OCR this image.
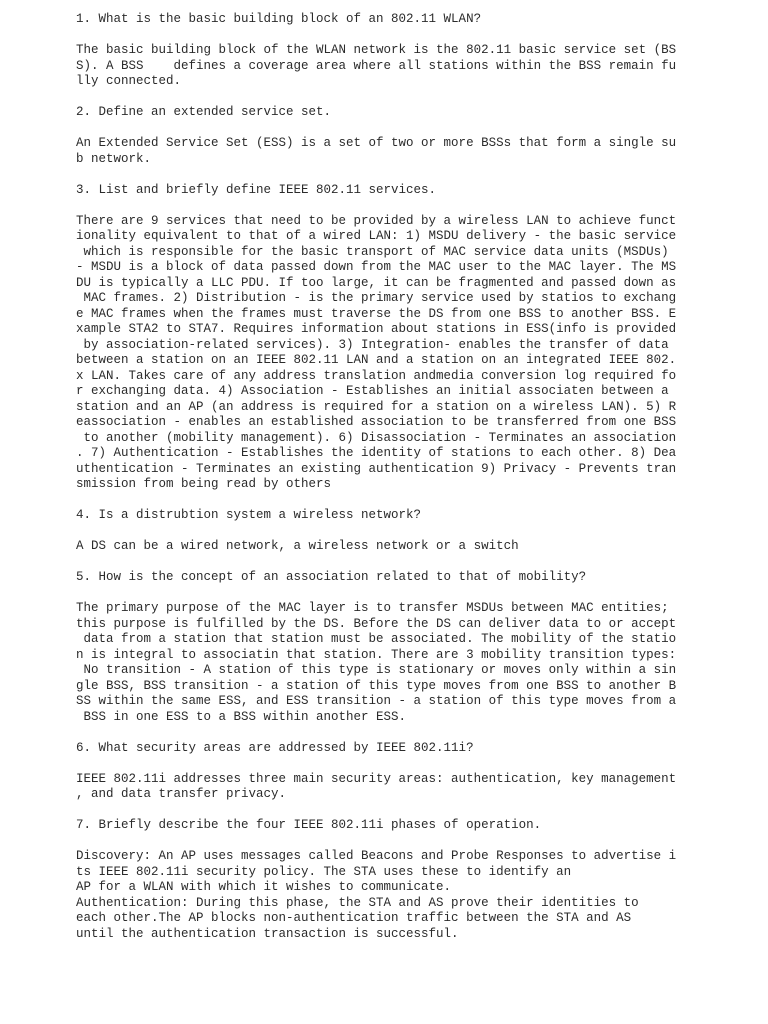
1. What is the basic building block of an 802.11 WLAN?
The basic building block of the WLAN network is the 802.11 basic service set (BS
S). A BSS    defines a coverage area where all stations within the BSS remain fu
lly connected.
2. Define an extended service set.
An Extended Service Set (ESS) is a set of two or more BSSs that form a single su
b network.
3. List and briefly define IEEE 802.11 services.
There are 9 services that need to be provided by a wireless LAN to achieve funct
ionality equivalent to that of a wired LAN: 1) MSDU delivery - the basic service
which is responsible for the basic transport of MAC service data units (MSDUs)
- MSDU is a block of data passed down from the MAC user to the MAC layer. The MS
DU is typically a LLC PDU. If too large, it can be fragmented and passed down as
MAC frames. 2) Distribution - is the primary service used by statios to exchang
e MAC frames when the frames must traverse the DS from one BSS to another BSS. E
xample STA2 to STA7. Requires information about stations in ESS(info is provided
by association-related services). 3) Integration- enables the transfer of data
between a station on an IEEE 802.11 LAN and a station on an integrated IEEE 802.
x LAN. Takes care of any address translation andmedia conversion log required fo
r exchanging data. 4) Association - Establishes an initial associaten between a
station and an AP (an address is required for a station on a wireless LAN). 5) R
eassociation - enables an established association to be transferred from one BSS
to another (mobility management). 6) Disassociation - Terminates an association
. 7) Authentication - Establishes the identity of stations to each other. 8) Dea
uthentication - Terminates an existing authentication 9) Privacy - Prevents tran
smission from being read by others
4. Is a distrubtion system a wireless network?
A DS can be a wired network, a wireless network or a switch
5. How is the concept of an association related to that of mobility?
The primary purpose of the MAC layer is to transfer MSDUs between MAC entities;
this purpose is fulfilled by the DS. Before the DS can deliver data to or accept
data from a station that station must be associated. The mobility of the statio
n is integral to associatin that station. There are 3 mobility transition types:
No transition - A station of this type is stationary or moves only within a sin
gle BSS, BSS transition - a station of this type moves from one BSS to another B
SS within the same ESS, and ESS transition - a station of this type moves from a
BSS in one ESS to a BSS within another ESS.
6. What security areas are addressed by IEEE 802.11i?
IEEE 802.11i addresses three main security areas: authentication, key management
, and data transfer privacy.
7. Briefly describe the four IEEE 802.11i phases of operation.
Discovery: An AP uses messages called Beacons and Probe Responses to advertise i
ts IEEE 802.11i security policy. The STA uses these to identify an
AP for a WLAN with which it wishes to communicate.
Authentication: During this phase, the STA and AS prove their identities to
each other.The AP blocks non-authentication traffic between the STA and AS
until the authentication transaction is successful.
